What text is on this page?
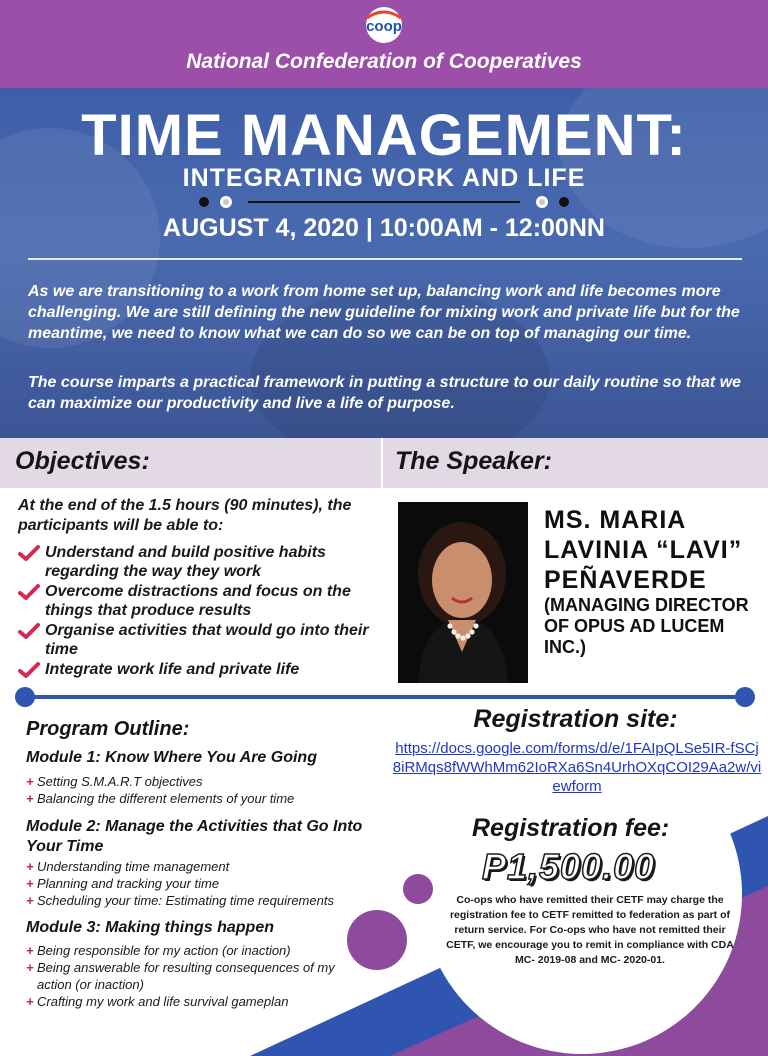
coop
National Confederation of Cooperatives
TIME MANAGEMENT:
INTEGRATING WORK AND LIFE
AUGUST 4, 2020 | 10:00AM - 12:00NN
As we are transitioning to a work from home set up, balancing work and life becomes more challenging. We are still defining the new guideline for mixing work and private life but for the meantime, we need to know what we can do so we can be on top of managing our time.
The course imparts a practical framework in putting a structure to our daily routine so that we can maximize our productivity and live a life of purpose.
Objectives:	The Speaker:
At the end of the 1.5 hours (90 minutes), the participants will be able to:
Understand and build positive habits regarding the way they work
Overcome distractions and focus on the things that produce results
Organise activities that would go into their time
Integrate work life and private life
MS. MARIA LAVINIA “LAVI” PEÑAVERDE
(MANAGING DIRECTOR OF OPUS AD LUCEM INC.)
Program Outline:
Module 1: Know Where You Are Going
+ Setting S.M.A.R.T objectives
+ Balancing the different elements of your time
Module 2: Manage the Activities that Go Into Your Time
+ Understanding time management
+ Planning and tracking your time
+ Scheduling your time: Estimating time requirements
Module 3: Making things happen
+ Being responsible for my action (or inaction)
+ Being answerable for resulting consequences of my action (or inaction)
+ Crafting my work and life survival gameplan
Registration site:
https://docs.google.com/forms/d/e/1FAIpQLSe5IR-fSCj8iRMqs8fWWhMm62IoRXa6Sn4UrhOXqCOI29Aa2w/viewform
Registration fee:
P1,500.00
Co-ops who have remitted their CETF may charge the registration fee to CETF remitted to federation as part of return service. For Co-ops who have not remitted their CETF, we encourage you to remit in compliance with CDA MC- 2019-08 and MC- 2020-01.
